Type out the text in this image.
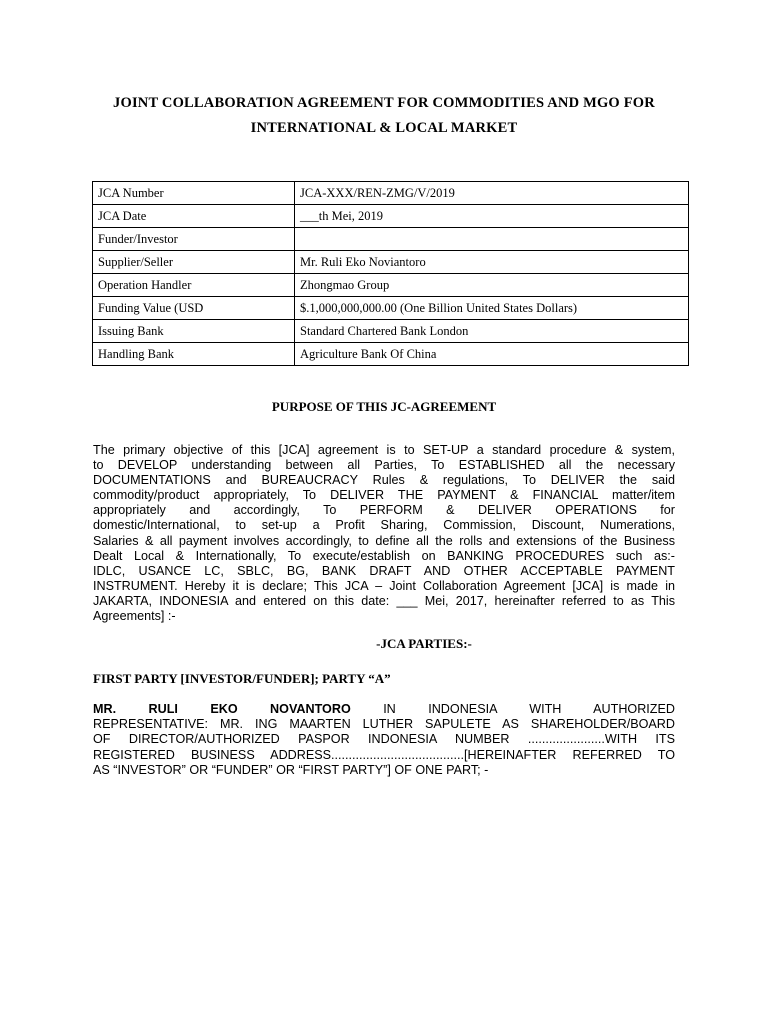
JOINT COLLABORATION AGREEMENT FOR COMMODITIES AND MGO FOR
INTERNATIONAL & LOCAL MARKET
JCA Number	JCA-XXX/REN-ZMG/V/2019
JCA Date	___th Mei, 2019
Funder/Investor	
Supplier/Seller	Mr. Ruli Eko Noviantoro
Operation Handler	Zhongmao Group
Funding Value (USD	$.1,000,000,000.00 (One Billion United States Dollars)
Issuing Bank	Standard Chartered Bank London
Handling Bank	Agriculture Bank Of China
PURPOSE OF THIS JC-AGREEMENT
The primary objective of this [JCA] agreement is to SET-UP a standard procedure & system,
to DEVELOP understanding between all Parties, To ESTABLISHED all the necessary
DOCUMENTATIONS and BUREAUCRACY Rules & regulations, To DELIVER the said
commodity/product appropriately, To DELIVER THE PAYMENT & FINANCIAL matter/item
appropriately and accordingly, To PERFORM & DELIVER OPERATIONS for
domestic/International, to set-up a Profit Sharing, Commission, Discount, Numerations,
Salaries & all payment involves accordingly, to define all the rolls and extensions of the Business
Dealt Local & Internationally, To execute/establish on BANKING PROCEDURES such as:-
IDLC, USANCE LC, SBLC, BG, BANK DRAFT AND OTHER ACCEPTABLE PAYMENT
INSTRUMENT. Hereby it is declare; This JCA – Joint Collaboration Agreement [JCA] is made in
JAKARTA, INDONESIA and entered on this date: ___ Mei, 2017, hereinafter referred to as This
Agreements] :-
-JCA PARTIES:-
FIRST PARTY [INVESTOR/FUNDER]; PARTY “A”
MR. RULI EKO NOVANTORO	IN INDONESIA WITH AUTHORIZED
REPRESENTATIVE: MR. ING MAARTEN LUTHER SAPULETE AS SHAREHOLDER/BOARD
OF DIRECTOR/AUTHORIZED PASPOR INDONESIA NUMBER ......................WITH ITS
REGISTERED BUSINESS ADDRESS......................................[HEREINAFTER REFERRED TO
AS “INVESTOR” OR “FUNDER” OR “FIRST PARTY”] OF ONE PART; -
